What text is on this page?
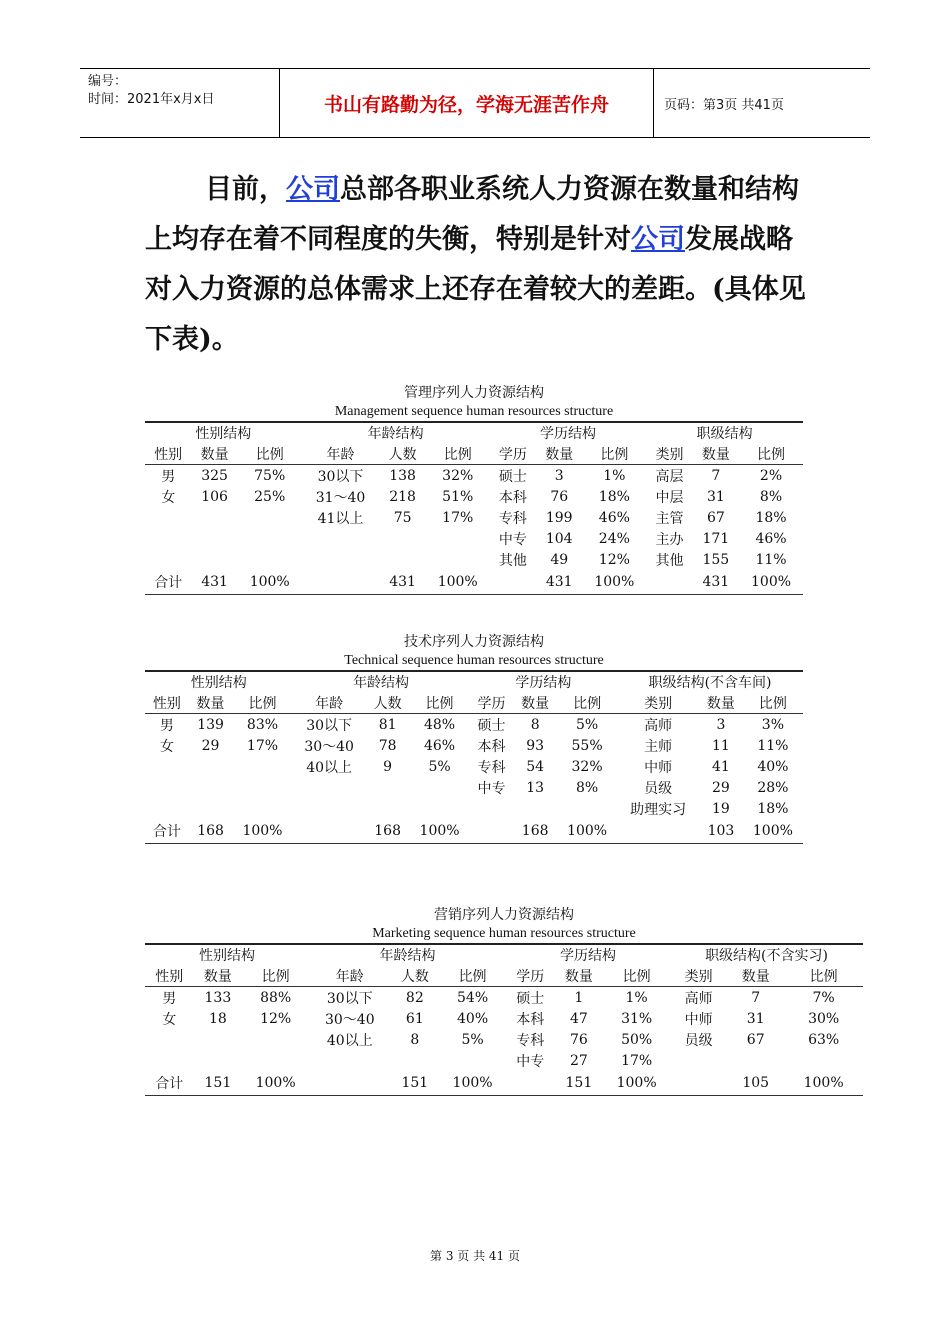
编号：
时间：2021年x月x日	书山有路勤为径，学海无涯苦作舟	页码：第3页 共41页

目前，公司总部各职业系统人力资源在数量和结构上均存在着不同程度的失衡，特别是针对公司发展战略对入力资源的总体需求上还存在着较大的差距。(具体见下表)。

管理序列人力资源结构
Management sequence human resources structure
性别结构			年龄结构			学历结构			职级结构		
性别	数量	比例	年龄	人数	比例	学历	数量	比例	类别	数量	比例
男	325	75%	30以下	138	32%	硕士	3	1%	高层	7	2%
女	106	25%	31～40	218	51%	本科	76	18%	中层	31	8%
			41以上	75	17%	专科	199	46%	主管	67	18%
						中专	104	24%	主办	171	46%
						其他	49	12%	其他	155	11%
合计	431	100%		431	100%		431	100%		431	100%
技术序列人力资源结构
Technical sequence human resources structure
性别结构			年龄结构			学历结构			职级结构(不含车间)		
性别	数量	比例	年龄	人数	比例	学历	数量	比例	类别	数量	比例
男	139	83%	30以下	81	48%	硕士	8	5%	高师	3	3%
女	29	17%	30～40	78	46%	本科	93	55%	主师	11	11%
			40以上	9	5%	专科	54	32%	中师	41	40%
						中专	13	8%	员级	29	28%
									助理实习	19	18%
合计	168	100%		168	100%		168	100%		103	100%
营销序列人力资源结构
Marketing sequence human resources structure
性别结构			年龄结构			学历结构			职级结构(不含实习)		
性别	数量	比例	年龄	人数	比例	学历	数量	比例	类别	数量	比例
男	133	88%	30以下	82	54%	硕士	1	1%	高师	7	7%
女	18	12%	30～40	61	40%	本科	47	31%	中师	31	30%
			40以上	8	5%	专科	76	50%	员级	67	63%
						中专	27	17%			
合计	151	100%		151	100%		151	100%		105	100%
第 3 页 共 41 页
